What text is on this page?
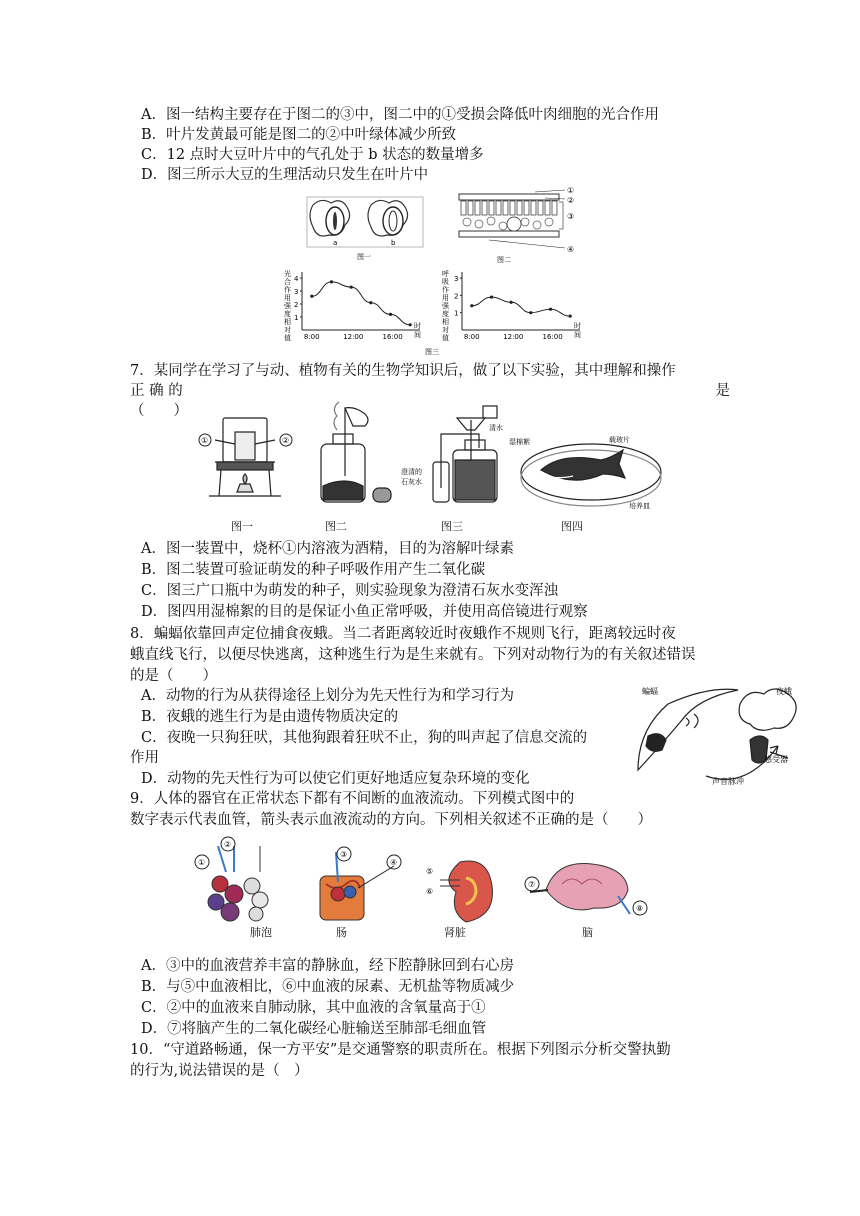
A．图一结构主要存在于图二的③中，图二中的①受损会降低叶肉细胞的光合作用
B．叶片发黄最可能是图二的②中叶绿体减少所致
C．12 点时大豆叶片中的气孔处于 b 状态的数量增多
D．图三所示大豆的生理活动只发生在叶片中
a	b
图一
①
②
③
④
图二
光
合
作
用
强
度
相
对
值
呼
吸
作
用
强
度
相
对
值
1
2
3
4
8:00	12:00	16:00
时
间
1
2
3
8:00	12:00	16:00
时
间
图三
7．某同学在学习了与动、植物有关的生物学知识后，做了以下实验，其中理解和操作
正 确 的	是
（　　）
①	②
图一	图二
清水
澄清的
石灰水
图三
湿棉絮	载玻片
培养皿
图四
A．图一装置中，烧杯①内溶液为酒精，目的为溶解叶绿素
B．图二装置可验证萌发的种子呼吸作用产生二氧化碳
C．图三广口瓶中为萌发的种子，则实验现象为澄清石灰水变浑浊
D．图四用湿棉絮的目的是保证小鱼正常呼吸，并使用高倍镜进行观察
8．蝙蝠依靠回声定位捕食夜蛾。当二者距离较近时夜蛾作不规则飞行，距离较远时夜
蛾直线飞行，以便尽快逃离，这种逃生行为是生来就有。下列对动物行为的有关叙述错误
的是（　　）
A．动物的行为从获得途径上划分为先天性行为和学习行为
B．夜蛾的逃生行为是由遗传物质决定的
C．夜晚一只狗狂吠，其他狗跟着狂吠不止，狗的叫声起了信息交流的
作用
D．动物的先天性行为可以使它们更好地适应复杂环境的变化
蝙蝠	夜蛾
感受器
声音脉冲
9．人体的器官在正常状态下都有不间断的血液流动。下列模式图中的
数字表示代表血管，箭头表示血液流动的方向。下列相关叙述不正确的是（　　）
①
②
肺泡
③
④
肠
⑤
⑥
肾脏
⑦
⑧
脑
A．③中的血液营养丰富的静脉血，经下腔静脉回到右心房
B．与⑤中血液相比，⑥中血液的尿素、无机盐等物质减少
C．②中的血液来自肺动脉，其中血液的含氧量高于①
D．⑦将脑产生的二氧化碳经心脏输送至肺部毛细血管
10．“守道路畅通，保一方平安”是交通警察的职责所在。根据下列图示分析交警执勤
的行为,说法错误的是（　）
